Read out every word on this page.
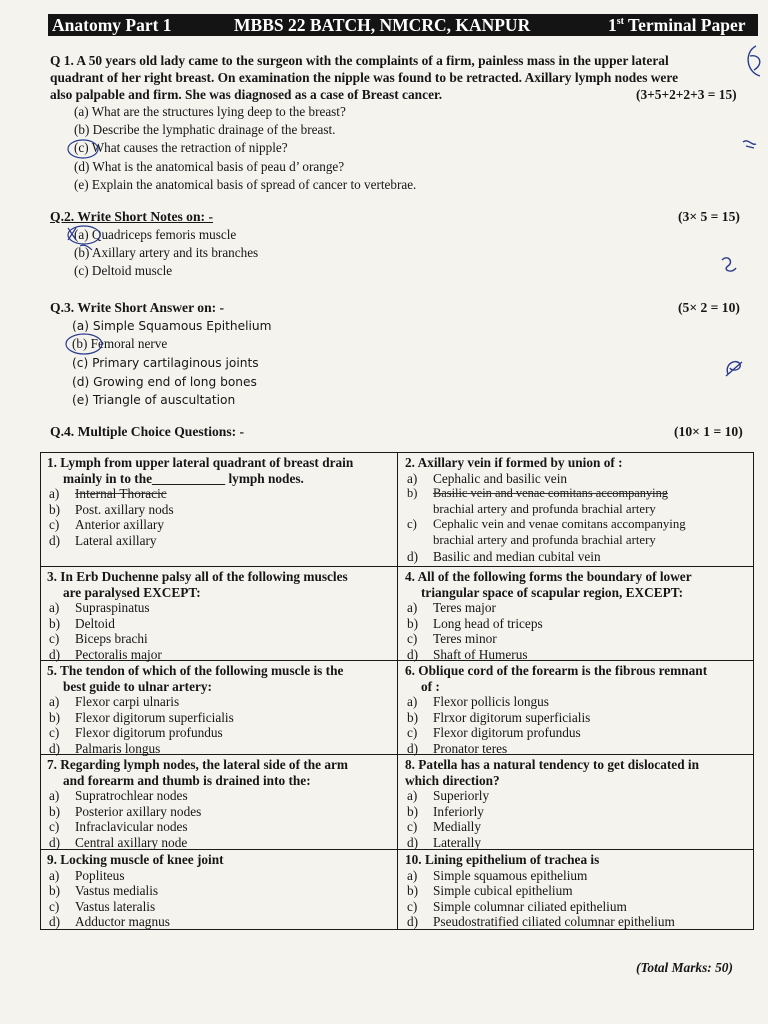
Anatomy Part 1	MBBS 22 BATCH, NMCRC, KANPUR	1st Terminal Paper
Q 1. A 50 years old lady came to the surgeon with the complaints of a firm, painless mass in the upper lateral
quadrant of her right breast. On examination the nipple was found to be retracted. Axillary lymph nodes were
also palpable and firm. She was diagnosed as a case of Breast cancer.	(3+5+2+2+3 = 15)
(a) What are the structures lying deep to the breast?
(b) Describe the lymphatic drainage of the breast.
(c) What causes the retraction of nipple?
(d) What is the anatomical basis of peau d’ orange?
(e) Explain the anatomical basis of spread of cancer to vertebrae.
Q.2. Write Short Notes on: -	(3× 5 = 15)
(a) Quadriceps femoris muscle
(b) Axillary artery and its branches
(c) Deltoid muscle
Q.3. Write Short Answer on: -	(5× 2 = 10)
(a) Simple Squamous Epithelium
(b) Femoral nerve
(c) Primary cartilaginous joints
(d) Growing end of long bones
(e) Triangle of auscultation
Q.4. Multiple Choice Questions: -	(10× 1 = 10)
1. Lymph from upper lateral quadrant of breast drain
mainly in to the___________ lymph nodes.
a) Internal Thoracic
b) Post. axillary nods
c) Anterior axillary
d) Lateral axillary
2. Axillary vein if formed by union of :
a) Cephalic and basilic vein
b) Basilic vein and venae comitans accompanying
brachial artery and profunda brachial artery
c) Cephalic vein and venae comitans accompanying
brachial artery and profunda brachial artery
d) Basilic and median cubital vein
3. In Erb Duchenne palsy all of the following muscles
are paralysed EXCEPT:
a) Supraspinatus
b) Deltoid
c) Biceps brachi
d) Pectoralis major
4. All of the following forms the boundary of lower
triangular space of scapular region, EXCEPT:
a) Teres major
b) Long head of triceps
c) Teres minor
d) Shaft of Humerus
5. The tendon of which of the following muscle is the
best guide to ulnar artery:
a) Flexor carpi ulnaris
b) Flexor digitorum superficialis
c) Flexor digitorum profundus
d) Palmaris longus
6. Oblique cord of the forearm is the fibrous remnant
of :
a) Flexor pollicis longus
b) Flrxor digitorum superficialis
c) Flexor digitorum profundus
d) Pronator teres
7. Regarding lymph nodes, the lateral side of the arm
and forearm and thumb is drained into the:
a) Supratrochlear nodes
b) Posterior axillary nodes
c) Infraclavicular nodes
d) Central axillary node
8. Patella has a natural tendency to get dislocated in
which direction?
a) Superiorly
b) Inferiorly
c) Medially
d) Laterally
9. Locking muscle of knee joint
a) Popliteus
b) Vastus medialis
c) Vastus lateralis
d) Adductor magnus
10. Lining epithelium of trachea is
a) Simple squamous epithelium
b) Simple cubical epithelium
c) Simple columnar ciliated epithelium
d) Pseudostratified ciliated columnar epithelium
(Total Marks: 50)
